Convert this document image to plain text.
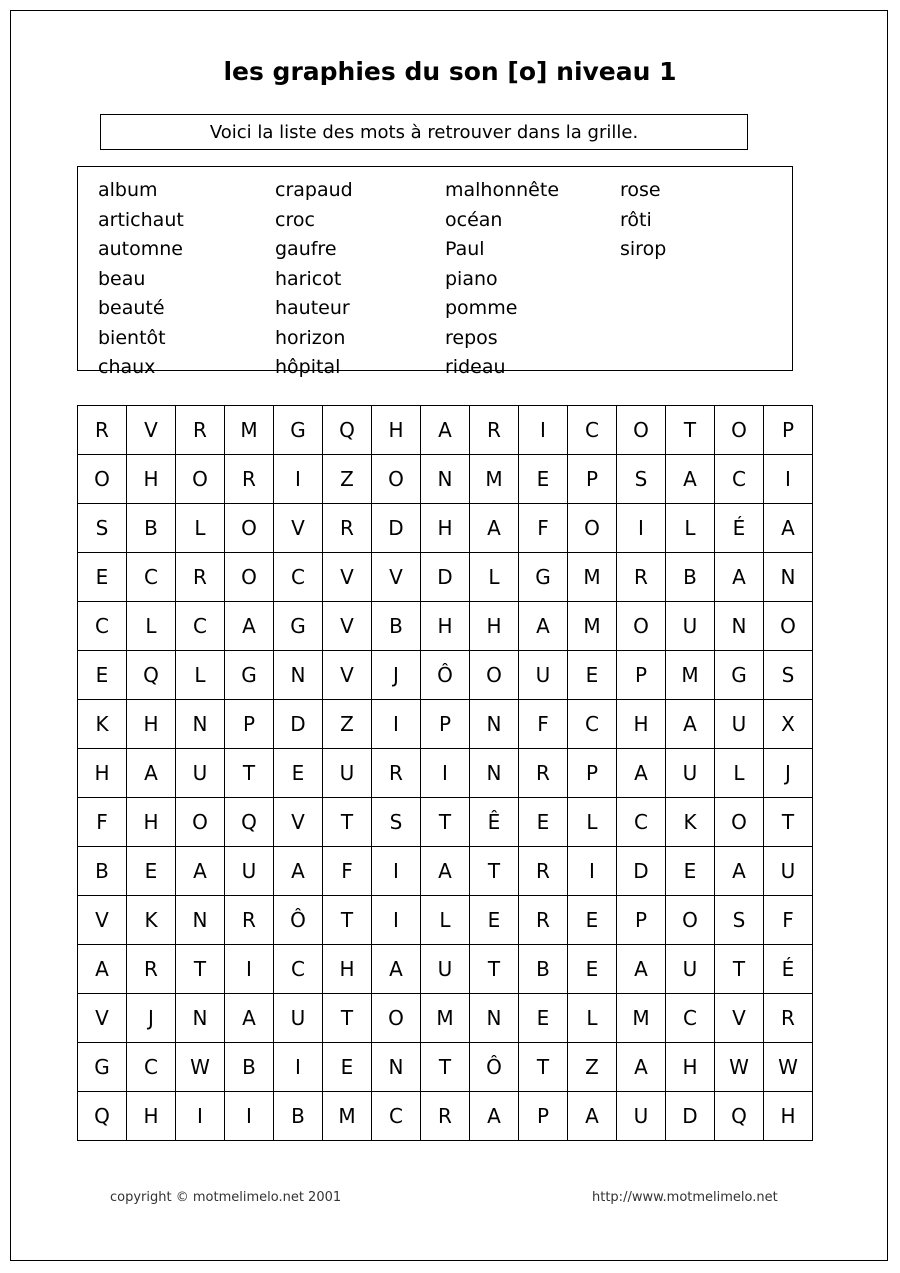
les graphies du son [o] niveau 1
Voici la liste des mots à retrouver dans la grille.
album
artichaut
automne
beau
beauté
bientôt
chaux
crapaud
croc
gaufre
haricot
hauteur
horizon
hôpital
malhonnête
océan
Paul
piano
pomme
repos
rideau
rose
rôti
sirop
R	V	R	M	G	Q	H	A	R	I	C	O	T	O	P
O	H	O	R	I	Z	O	N	M	E	P	S	A	C	I
S	B	L	O	V	R	D	H	A	F	O	I	L	É	A
E	C	R	O	C	V	V	D	L	G	M	R	B	A	N
C	L	C	A	G	V	B	H	H	A	M	O	U	N	O
E	Q	L	G	N	V	J	Ô	O	U	E	P	M	G	S
K	H	N	P	D	Z	I	P	N	F	C	H	A	U	X
H	A	U	T	E	U	R	I	N	R	P	A	U	L	J
F	H	O	Q	V	T	S	T	Ê	E	L	C	K	O	T
B	E	A	U	A	F	I	A	T	R	I	D	E	A	U
V	K	N	R	Ô	T	I	L	E	R	E	P	O	S	F
A	R	T	I	C	H	A	U	T	B	E	A	U	T	É
V	J	N	A	U	T	O	M	N	E	L	M	C	V	R
G	C	W	B	I	E	N	T	Ô	T	Z	A	H	W	W
Q	H	I	I	B	M	C	R	A	P	A	U	D	Q	H
copyright © motmelimelo.net 2001	http://www.motmelimelo.net
